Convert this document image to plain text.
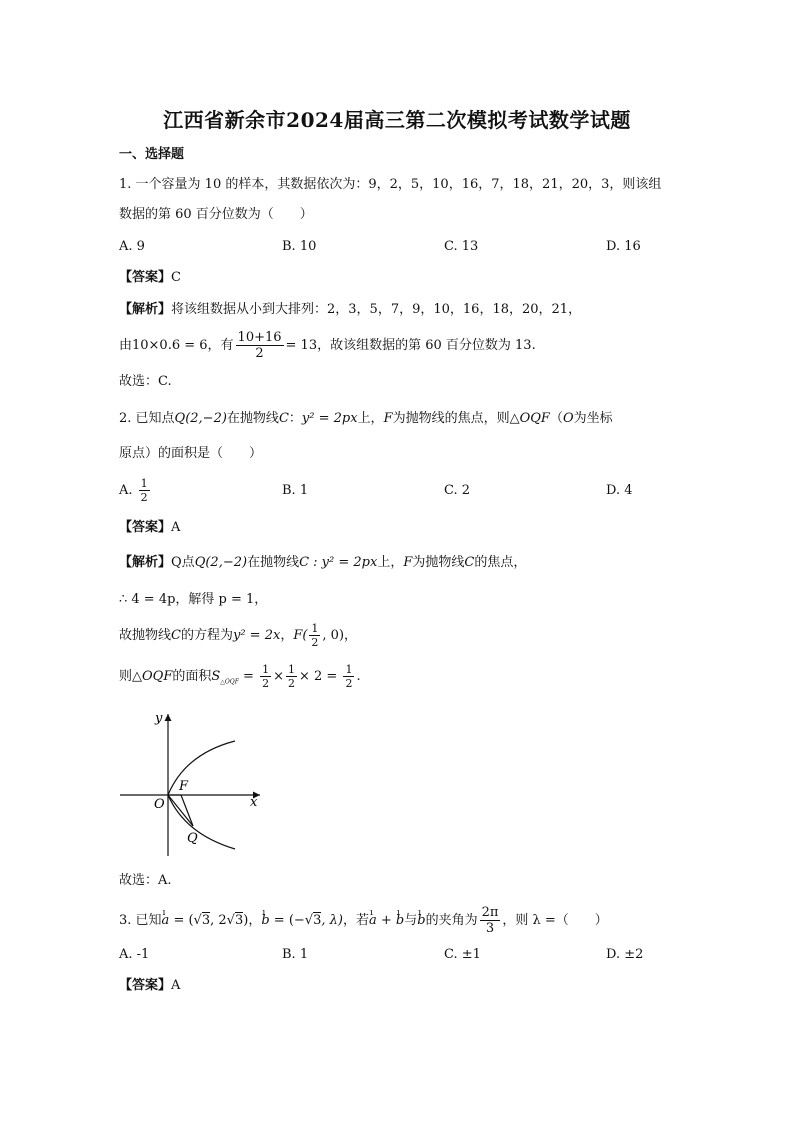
江西省新余市2024届高三第二次模拟考试数学试题
一、选择题
1. 一个容量为 10 的样本，其数据依次为：9，2，5，10，16，7，18，21，20，3，则该组
数据的第 60 百分位数为（　　）
A. 9	B. 10	C. 13	D. 16
【答案】C
【解析】将该组数据从小到大排列：2，3，5，7，9，10，16，18，20，21，
由10×0.6 = 6，有 $\frac{10+16}{2} = 13$，故该组数据的第 60 百分位数为 13.
故选：C.
2. 已知点Q(2,−2)在抛物线C：y² = 2px上，F为抛物线的焦点，则△OQF（O为坐标
原点）的面积是（　　）
A. $\frac{1}{2}$	B. 1	C. 2	D. 4
【答案】A
【解析】Q点Q(2,−2)在抛物线C : y² = 2px上，F为抛物线C的焦点，
∴ 4 = 4p，解得 p = 1，
故抛物线C的方程为y² = 2x，$F( \frac{1}{2}$ , 0)，
则△OQF的面积$S_{\triangle OQF} = \frac{1}{2} \times \frac{1}{2} \times 2 = \frac{1}{2}$ .
y
x
F
O
Q
故选：A.
3. 已知ı a = (√3, 2√3)，ı b = (−√3, λ)，若ı a + ı b与ı b的夹角为 $\frac{2\pi}{3}$ ，则 λ =（　　）
A. -1	B. 1	C. ±1	D. ±2
【答案】A
